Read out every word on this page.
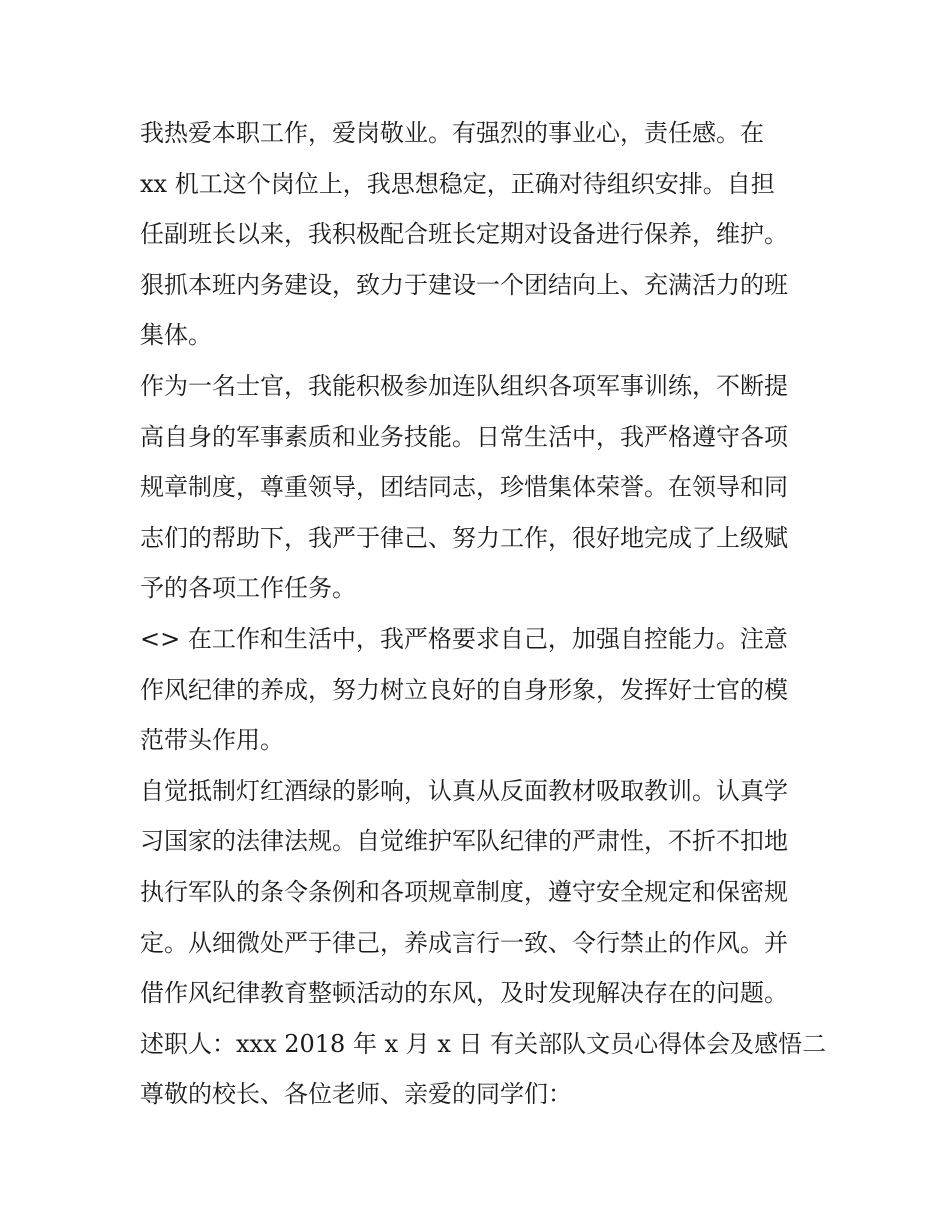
我热爱本职工作，爱岗敬业。有强烈的事业心，责任感。在
xx 机工这个岗位上，我思想稳定，正确对待组织安排。自担
任副班长以来，我积极配合班长定期对设备进行保养，维护。
狠抓本班内务建设，致力于建设一个团结向上、充满活力的班
集体。
作为一名士官，我能积极参加连队组织各项军事训练，不断提
高自身的军事素质和业务技能。日常生活中，我严格遵守各项
规章制度，尊重领导，团结同志，珍惜集体荣誉。在领导和同
志们的帮助下，我严于律己、努力工作，很好地完成了上级赋
予的各项工作任务。
<> 在工作和生活中，我严格要求自己，加强自控能力。注意
作风纪律的养成，努力树立良好的自身形象，发挥好士官的模
范带头作用。
自觉抵制灯红酒绿的影响，认真从反面教材吸取教训。认真学
习国家的法律法规。自觉维护军队纪律的严肃性，不折不扣地
执行军队的条令条例和各项规章制度，遵守安全规定和保密规
定。从细微处严于律己，养成言行一致、令行禁止的作风。并
借作风纪律教育整顿活动的东风，及时发现解决存在的问题。
述职人：xxx 2018 年 x 月 x 日 有关部队文员心得体会及感悟二
尊敬的校长、各位老师、亲爱的同学们：
